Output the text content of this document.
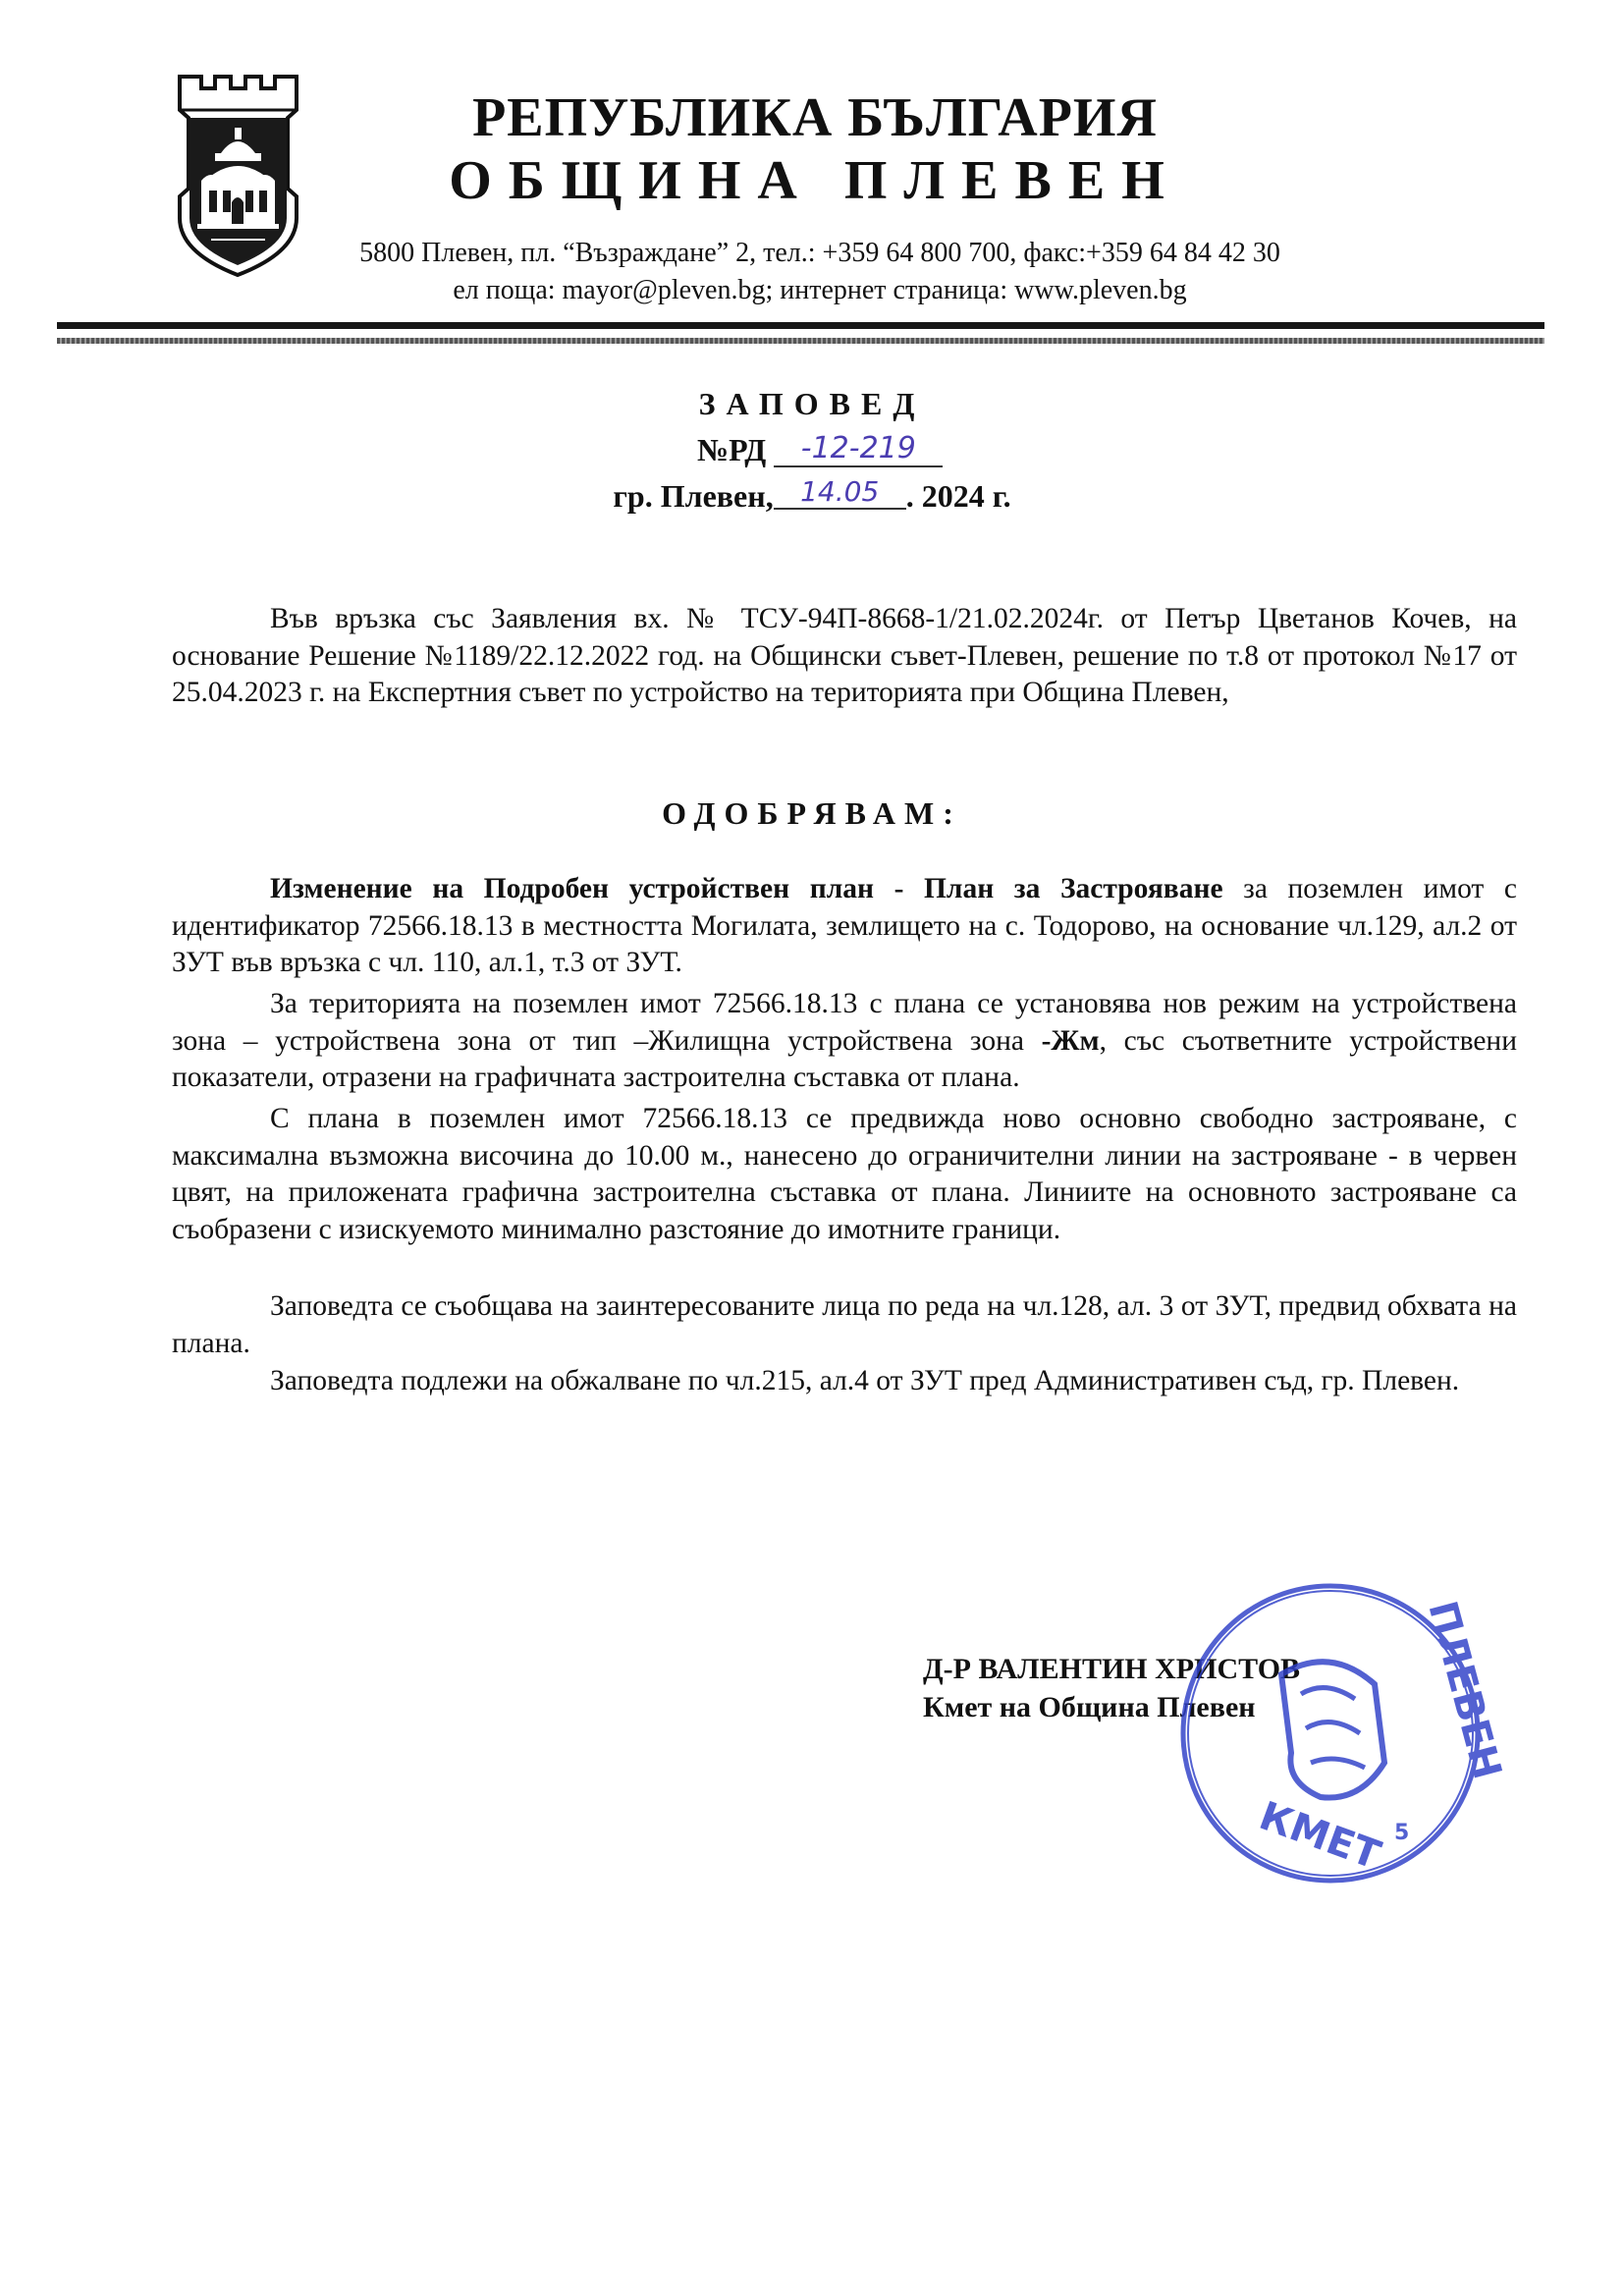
РЕПУБЛИКА БЪЛГАРИЯ
ОБЩИНА ПЛЕВЕН

5800 Плевен, пл. “Възраждане” 2, тел.: +359 64 800 700, факс:+359 64 84 42 30

ел поща: mayor@pleven.bg; интернет страница: www.pleven.bg

ЗАПОВЕД
№РД -12-219
гр. Плевен, 14.05 . 2024 г.

Във връзка със Заявления вх. № ТСУ-94П-8668-1/21.02.2024г. от Петър Цветанов Кочев, на основание Решение №1189/22.12.2022 год. на Общински съвет-Плевен, решение по т.8 от протокол №17 от 25.04.2023 г. на Експертния съвет по устройство на територията при Община Плевен,

ОДОБРЯВАМ:

Изменение на Подробен устройствен план - План за Застрояване за поземлен имот с идентификатор 72566.18.13 в местността Могилата, землището на с. Тодорово, на основание чл.129, ал.2 от ЗУТ във връзка с чл. 110, ал.1, т.3 от ЗУТ.

За територията на поземлен имот 72566.18.13 с плана се установява нов режим на устройствена зона – устройствена зона от тип –Жилищна устройствена зона -Жм, със съответните устройствени показатели, отразени на графичната застроителна съставка от плана.

С плана в поземлен имот 72566.18.13 се предвижда ново основно свободно застрояване, с максимална възможна височина до 10.00 м., нанесено до ограничителни линии на застрояване - в червен цвят, на приложената графична застроителна съставка от плана. Линиите на основното застрояване са съобразени с изискуемото минимално разстояние до имотните граници.

Заповедта се съобщава на заинтересованите лица по реда на чл.128, ал. 3 от ЗУТ, предвид обхвата на плана.

Заповедта подлежи на обжалване по чл.215, ал.4 от ЗУТ пред Административен съд, гр. Плевен.

Д-Р ВАЛЕНТИН ХРИСТОВ

Кмет на Община Плевен	ПЛЕВЕН
КМЕТ 5
